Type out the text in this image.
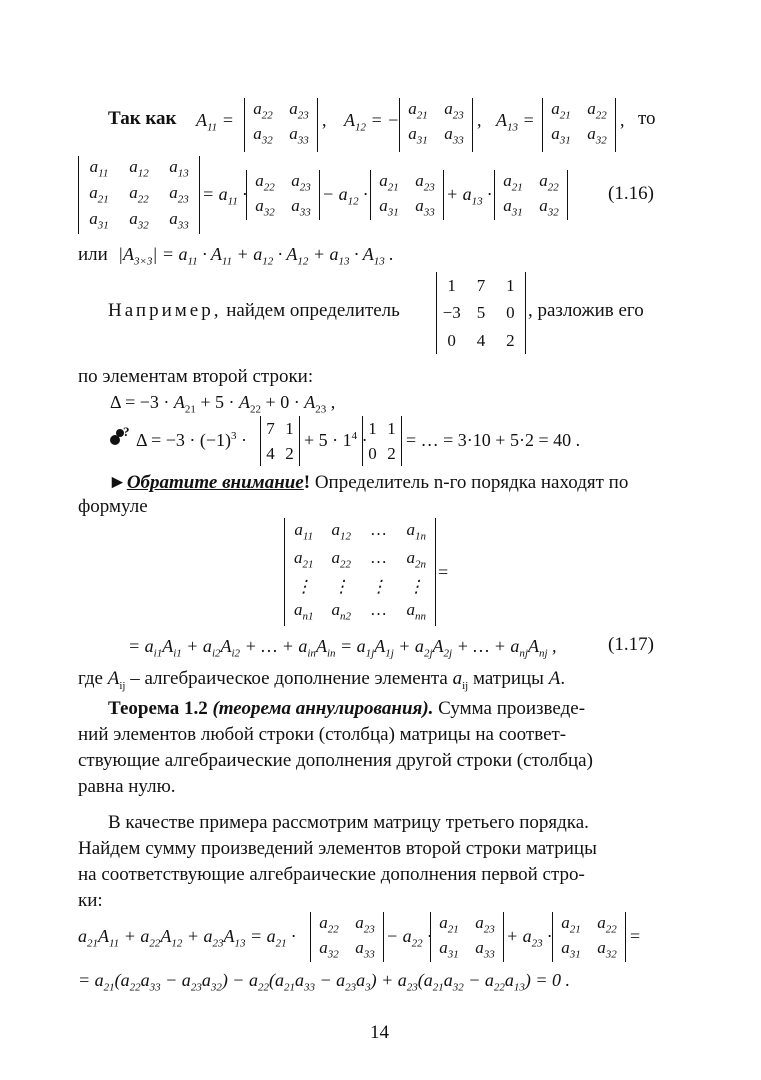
Так как $A_{11}$ =
$a_{22}$ $a_{23}$
$a_{32}$ $a_{33}$
, $A_{12}$ = −
$a_{21}$ $a_{23}$
$a_{31}$ $a_{33}$
, $A_{13}$ =
$a_{21}$ $a_{22}$
$a_{31}$ $a_{32}$
, то
$a_{11}$	$a_{12}$	$a_{13}$
$a_{21}$	$a_{22}$	$a_{23}$
$a_{31}$	$a_{32}$	$a_{33}$
= $a_{11}$ ·
$a_{22}$ $a_{23}$
$a_{32}$ $a_{33}$
− $a_{12}$ ·
$a_{21}$ $a_{23}$
$a_{31}$ $a_{33}$
+ $a_{13}$ ·
$a_{21}$ $a_{22}$
$a_{31}$ $a_{32}$
(1.16)
или $|A_{3\times 3}| = a_{11} \cdot A_{11} + a_{12} \cdot A_{12} + a_{13} \cdot A_{13}$ .
Например, найдем определитель
1	7	1
−3 5	0
0	4	2
, разложив его
по элементам второй строки:
$\Delta = -3 \cdot A_{21} + 5 \cdot A_{22} + 0 \cdot A_{23}$ ,
? $\Delta = -3 \cdot (-1)^3$ ·
7 1
4 2
+ $5 \cdot 1^4$ ·
1 1
0 2
= … = 3·10 + 5·2 = 40 .
►Обратите внимание! Определитель n-го порядка находят по
формуле
$a_{11}$	$a_{12}$	…	$a_{1n}$
$a_{21}$	$a_{22}$	…	$a_{2n}$
⋮	⋮	⋮	⋮
$a_{n1}$	$a_{n2}$	…	$a_{nn}$
=
= $a_{i1}A_{i1} + a_{i2}A_{i2}$ + … + $a_{in}A_{in} = a_{1j}A_{1j} + a_{2j}A_{2j}$ + … + $a_{nj}A_{nj}$ ,	(1.17)
где $A_{ij}$ – алгебраическое дополнение элемента $a_{ij}$ матрицы A.
Теорема 1.2 (теорема аннулирования). Сумма произведе-
ний элементов любой строки (столбца) матрицы на соответ-
ствующие алгебраические дополнения другой строки (столбца)
равна нулю.
В качестве примера рассмотрим матрицу третьего порядка.
Найдем сумму произведений элементов второй строки матрицы
на соответствующие алгебраические дополнения первой стро-
ки:
$a_{21}A_{11} + a_{22}A_{12} + a_{23}A_{13} = a_{21}$ ·
$a_{22}$ $a_{23}$
$a_{32}$ $a_{33}$
− $a_{22}$ ·
$a_{21}$ $a_{23}$
$a_{31}$ $a_{33}$
+ $a_{23}$ ·
$a_{21}$ $a_{22}$
$a_{31}$ $a_{32}$
=
= $a_{21}(a_{22}a_{33} - a_{23}a_{32}) - a_{22}(a_{21}a_{33} - a_{23}a_3) + a_{23}(a_{21}a_{32} - a_{22}a_{13}) = 0$ .
14
